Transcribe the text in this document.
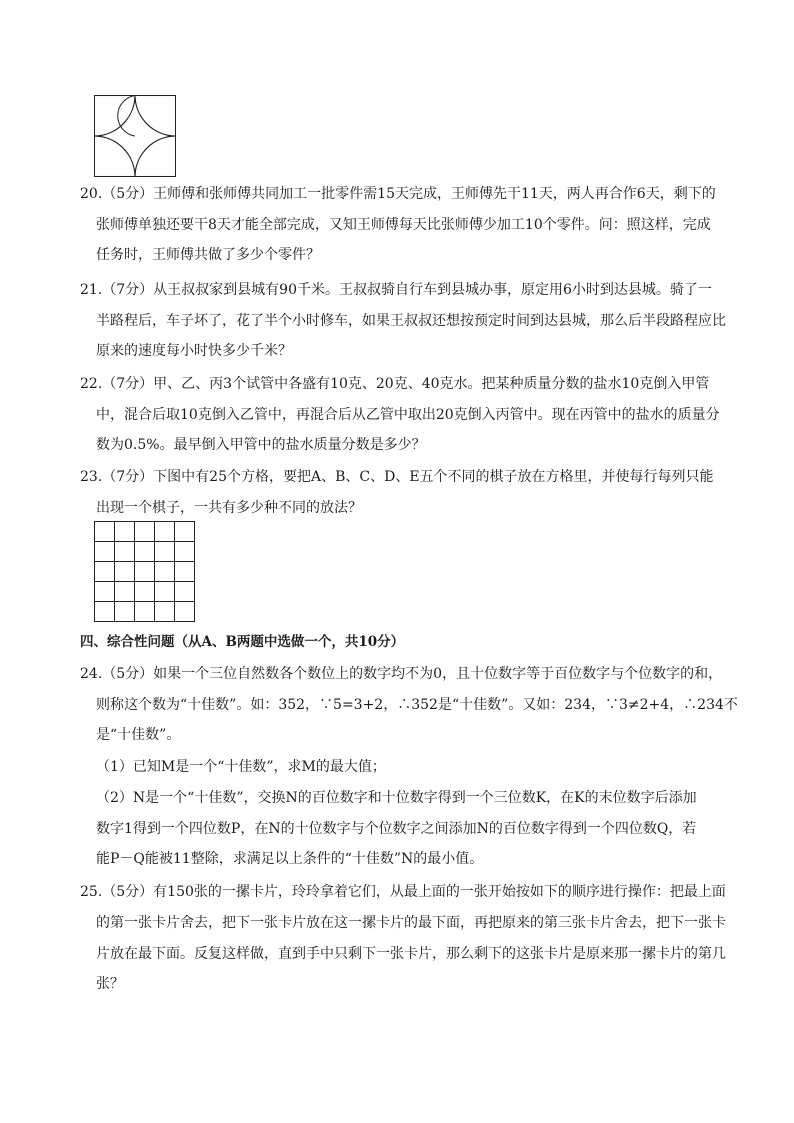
20.（5分）王师傅和张师傅共同加工一批零件需15天完成，王师傅先干11天，两人再合作6天，剩下的
张师傅单独还要干8天才能全部完成，又知王师傅每天比张师傅少加工10个零件。问：照这样，完成
任务时，王师傅共做了多少个零件？
21.（7分）从王叔叔家到县城有90千米。王叔叔骑自行车到县城办事，原定用6小时到达县城。骑了一
半路程后，车子坏了，花了半个小时修车，如果王叔叔还想按预定时间到达县城，那么后半段路程应比
原来的速度每小时快多少千米？
22.（7分）甲、乙、丙3个试管中各盛有10克、20克、40克水。把某种质量分数的盐水10克倒入甲管
中，混合后取10克倒入乙管中，再混合后从乙管中取出20克倒入丙管中。现在丙管中的盐水的质量分
数为0.5%。最早倒入甲管中的盐水质量分数是多少？
23.（7分）下图中有25个方格，要把A、B、C、D、E五个不同的棋子放在方格里，并使每行每列只能
出现一个棋子，一共有多少种不同的放法？
四、综合性问题（从A、B两题中选做一个，共10分）
24.（5分）如果一个三位自然数各个数位上的数字均不为0，且十位数字等于百位数字与个位数字的和，
则称这个数为“十佳数”。如：352，∵5=3+2，∴352是“十佳数”。又如：234，∵3≠2+4，∴234不
是“十佳数”。
（1）已知M是一个“十佳数”，求M的最大值；
（2）N是一个“十佳数”，交换N的百位数字和十位数字得到一个三位数K，在K的末位数字后添加
数字1得到一个四位数P，在N的十位数字与个位数字之间添加N的百位数字得到一个四位数Q，若
能P－Q能被11整除，求满足以上条件的“十佳数”N的最小值。
25.（5分）有150张的一摞卡片，玲玲拿着它们，从最上面的一张开始按如下的顺序进行操作：把最上面
的第一张卡片舍去，把下一张卡片放在这一摞卡片的最下面，再把原来的第三张卡片舍去，把下一张卡
片放在最下面。反复这样做，直到手中只剩下一张卡片，那么剩下的这张卡片是原来那一摞卡片的第几
张？
